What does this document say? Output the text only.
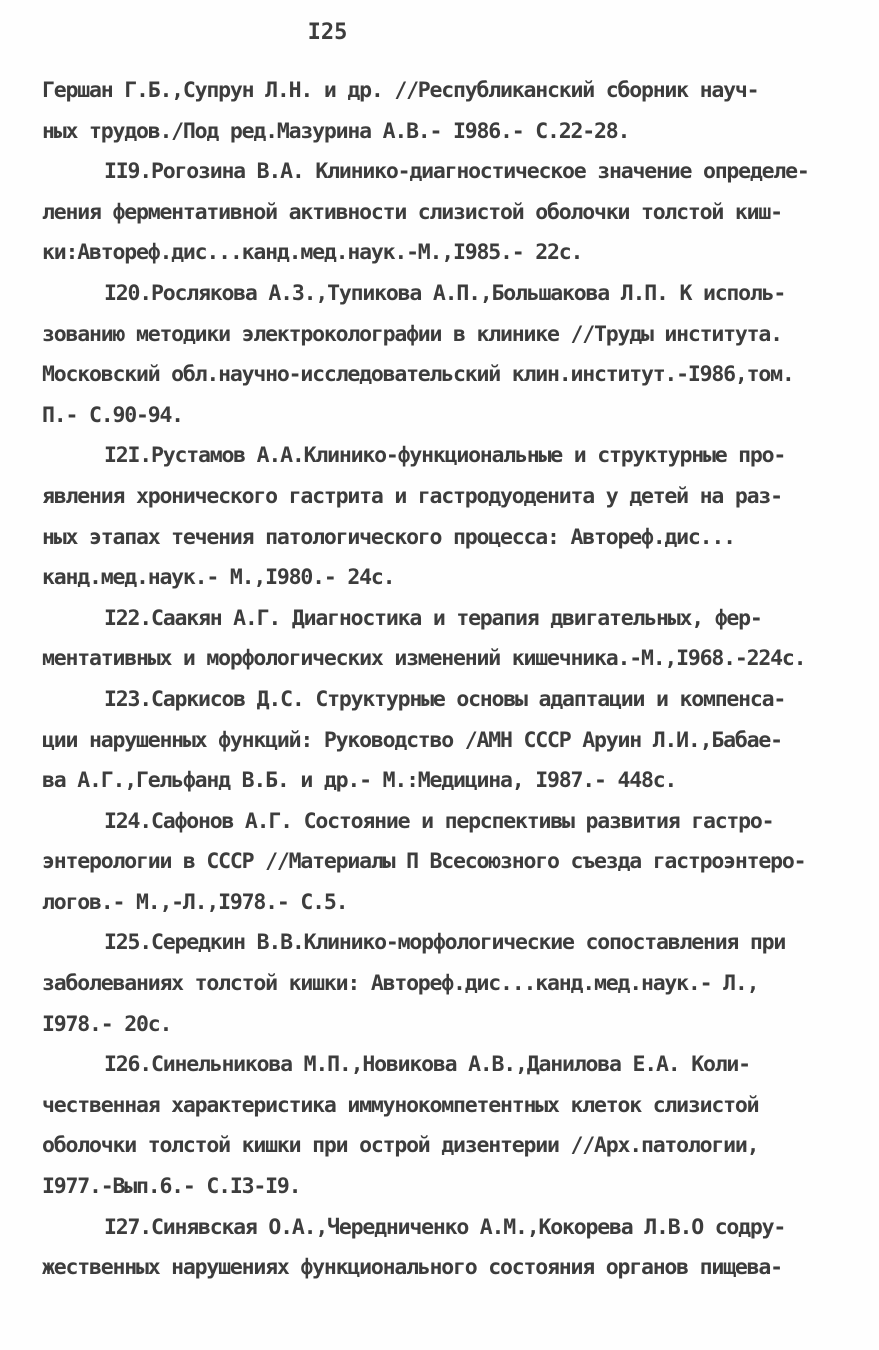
I25
Гершан Г.Б.,Супрун Л.Н. и др. //Республиканский сборник науч-
ных трудов./Под ред.Мазурина А.В.- I986.- С.22-28.
II9.Рогозина В.А. Клинико-диагностическое значение определе-
ления ферментативной активности слизистой оболочки толстой киш-
ки:Автореф.дис...канд.мед.наук.-М.,I985.- 22с.
I20.Рослякова А.З.,Тупикова А.П.,Большакова Л.П. К исполь-
зованию методики электроколографии в клинике //Труды института.
Московский обл.научно-исследовательский клин.институт.-I986,том.
П.- С.90-94.
I2I.Рустамов А.А.Клинико-функциональные и структурные про-
явления хронического гастрита и гастродуоденита у детей на раз-
ных этапах течения патологического процесса: Автореф.дис...
канд.мед.наук.- М.,I980.- 24с.
I22.Саакян А.Г. Диагностика и терапия двигательных, фер-
ментативных и морфологических изменений кишечника.-М.,I968.-224с.
I23.Саркисов Д.С. Структурные основы адаптации и компенса-
ции нарушенных функций: Руководство /АМН СССР Аруин Л.И.,Бабае-
ва А.Г.,Гельфанд В.Б. и др.- М.:Медицина, I987.- 448с.
I24.Сафонов А.Г. Состояние и перспективы развития гастро-
энтерологии в СССР //Материалы П Всесоюзного съезда гастроэнтеро-
логов.- М.,-Л.,I978.- С.5.
I25.Середкин В.В.Клинико-морфологические сопоставления при
заболеваниях толстой кишки: Автореф.дис...канд.мед.наук.- Л.,
I978.- 20с.
I26.Синельникова М.П.,Новикова А.В.,Данилова Е.А. Коли-
чественная характеристика иммунокомпетентных клеток слизистой
оболочки толстой кишки при острой дизентерии //Арх.патологии,
I977.-Вып.6.- С.I3-I9.
I27.Синявская О.А.,Чередниченко А.М.,Кокорева Л.В.О содру-
жественных нарушениях функционального состояния органов пищева-
